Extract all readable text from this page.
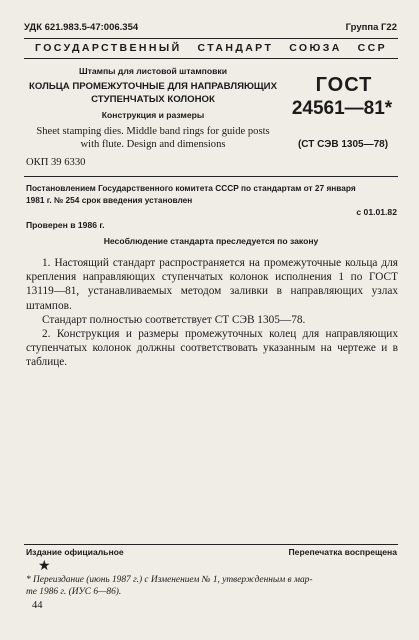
УДК 621.983.5-47:006.354	Группа Г22
ГОСУДАРСТВЕННЫЙ   СТАНДАРТ   СОЮЗА   ССР
Штампы для листовой штамповки
КОЛЬЦА ПРОМЕЖУТОЧНЫЕ ДЛЯ НАПРАВЛЯЮЩИХ
СТУПЕНЧАТЫХ КОЛОНОК
Конструкция и размеры
Sheet stamping dies. Middle band rings for guide posts
with flute. Design and dimensions
ОКП 39 6330
ГОСТ
24561—81*
(СТ СЭВ 1305—78)
Постановлением Государственного комитета СССР по стандартам от 27 января
1981 г. № 254 срок введения установлен
с 01.01.82
Проверен в 1986 г.
Несоблюдение стандарта преследуется по закону

1. Настоящий стандарт распространяется на промежуточные кольца для крепления направляющих ступенчатых колонок исполнения 1 по ГОСТ 13119—81, устанавливаемых методом заливки в направляющих узлах штампов.

Стандарт полностью соответствует СТ СЭВ 1305—78.

2. Конструкция и размеры промежуточных колец для направляющих ступенчатых колонок должны соответствовать указанным на чертеже и в таблице.

Издание официальное	Перепечатка воспрещена
★
* Переиздание (июнь 1987 г.) с Изменением № 1, утвержденным в мар-
те 1986 г. (ИУС 6—86).
44
